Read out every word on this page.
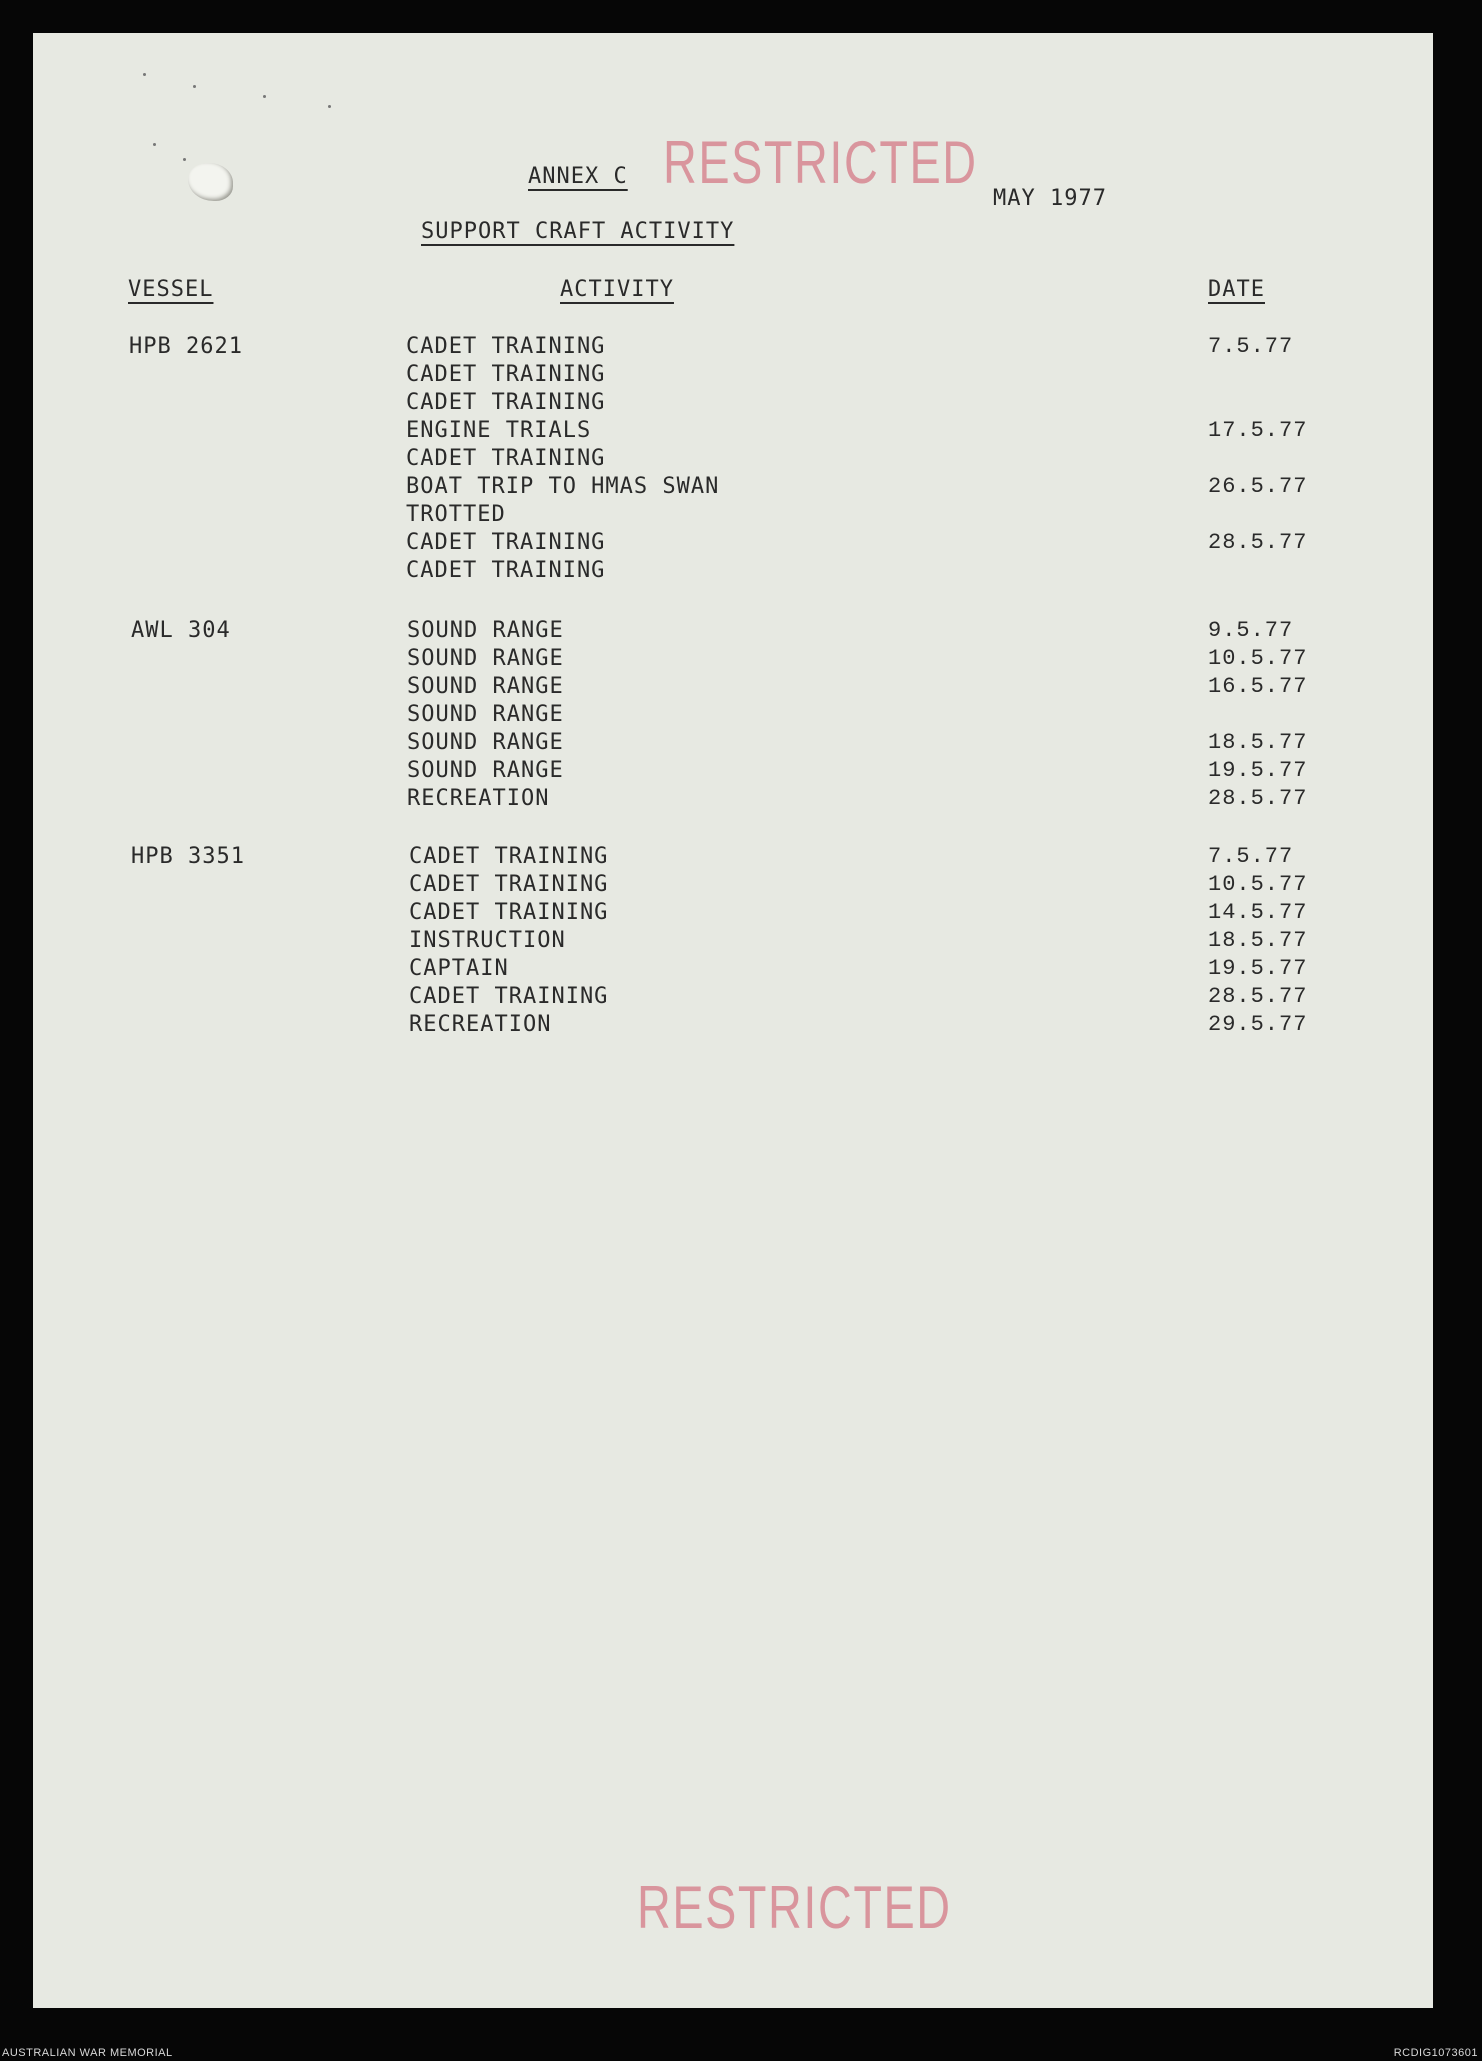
RESTRICTED
RESTRICTED
ANNEX C
MAY 1977
SUPPORT CRAFT ACTIVITY
VESSEL	ACTIVITY	DATE
HPB 2621	CADET TRAINING	7.5.77
CADET TRAINING
CADET TRAINING
ENGINE TRIALS	17.5.77
CADET TRAINING
BOAT TRIP TO HMAS SWAN	26.5.77
TROTTED
CADET TRAINING	28.5.77
CADET TRAINING
AWL 304	SOUND RANGE	9.5.77
SOUND RANGE	10.5.77
SOUND RANGE	16.5.77
SOUND RANGE
SOUND RANGE	18.5.77
SOUND RANGE	19.5.77
RECREATION	28.5.77
HPB 3351	CADET TRAINING	7.5.77
CADET TRAINING	10.5.77
CADET TRAINING	14.5.77
INSTRUCTION	18.5.77
CAPTAIN	19.5.77
CADET TRAINING	28.5.77
RECREATION	29.5.77
AUSTRALIAN WAR MEMORIAL	RCDIG1073601
